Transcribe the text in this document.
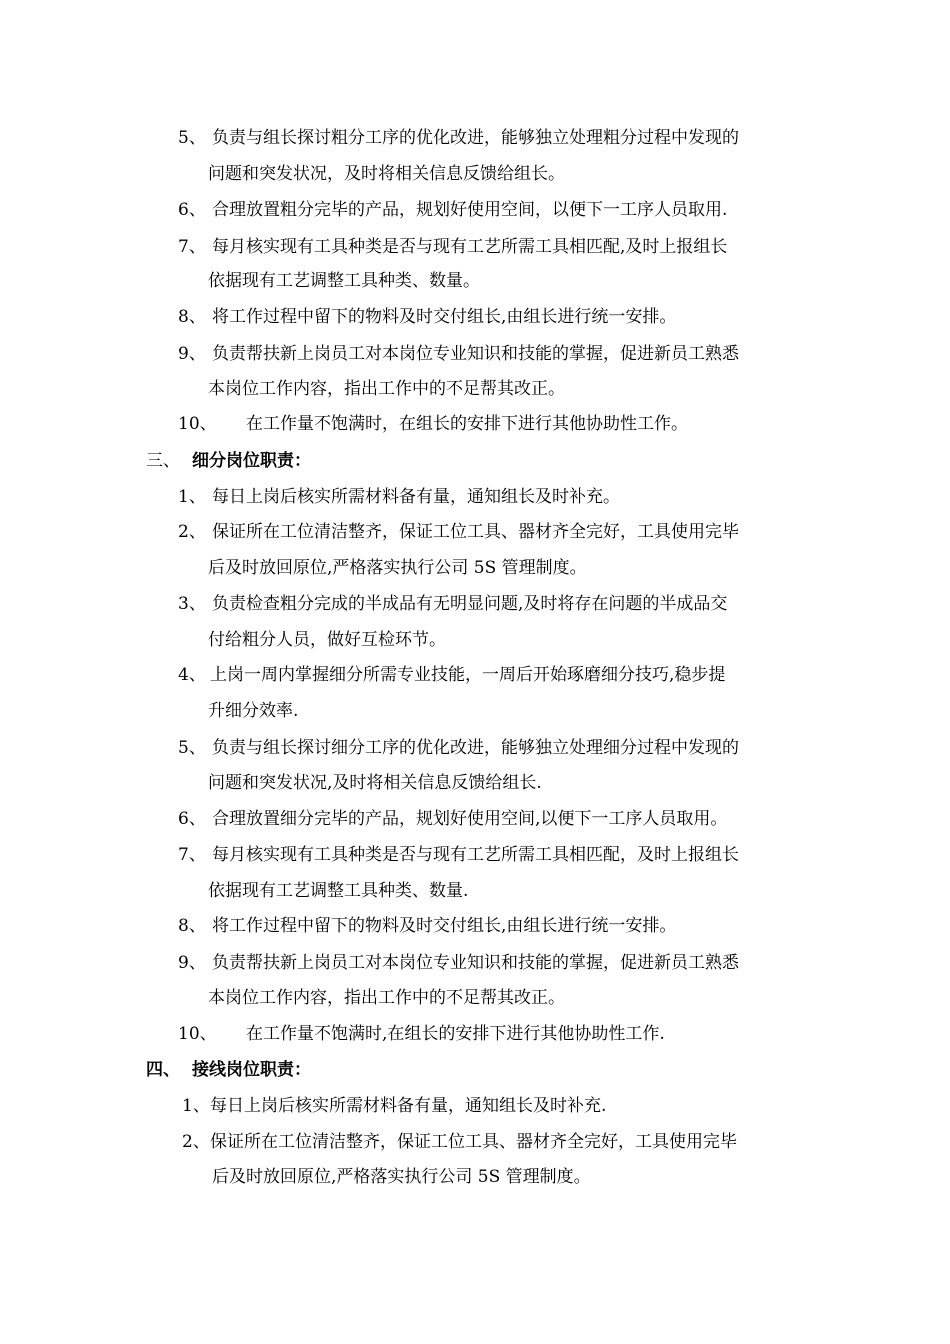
5、 负责与组长探讨粗分工序的优化改进，能够独立处理粗分过程中发现的
问题和突发状况，及时将相关信息反馈给组长。
6、 合理放置粗分完毕的产品，规划好使用空间，以便下一工序人员取用.
7、 每月核实现有工具种类是否与现有工艺所需工具相匹配,及时上报组长
依据现有工艺调整工具种类、数量。
8、 将工作过程中留下的物料及时交付组长,由组长进行统一安排。
9、 负责帮扶新上岗员工对本岗位专业知识和技能的掌握，促进新员工熟悉
本岗位工作内容，指出工作中的不足帮其改正。
10、 在工作量不饱满时，在组长的安排下进行其他协助性工作。
三、 细分岗位职责：
1、 每日上岗后核实所需材料备有量，通知组长及时补充。
2、 保证所在工位清洁整齐，保证工位工具、器材齐全完好，工具使用完毕
后及时放回原位,严格落实执行公司 5S 管理制度。
3、 负责检查粗分完成的半成品有无明显问题,及时将存在问题的半成品交
付给粗分人员，做好互检环节。
4、 上岗一周内掌握细分所需专业技能，一周后开始琢磨细分技巧,稳步提
升细分效率.
5、 负责与组长探讨细分工序的优化改进，能够独立处理细分过程中发现的
问题和突发状况,及时将相关信息反馈给组长.
6、 合理放置细分完毕的产品，规划好使用空间,以便下一工序人员取用。
7、 每月核实现有工具种类是否与现有工艺所需工具相匹配，及时上报组长
依据现有工艺调整工具种类、数量.
8、 将工作过程中留下的物料及时交付组长,由组长进行统一安排。
9、 负责帮扶新上岗员工对本岗位专业知识和技能的掌握，促进新员工熟悉
本岗位工作内容，指出工作中的不足帮其改正。
10、 在工作量不饱满时,在组长的安排下进行其他协助性工作.
四、 接线岗位职责：
1、 每日上岗后核实所需材料备有量，通知组长及时补充.
2、 保证所在工位清洁整齐，保证工位工具、器材齐全完好，工具使用完毕
后及时放回原位,严格落实执行公司 5S 管理制度。
